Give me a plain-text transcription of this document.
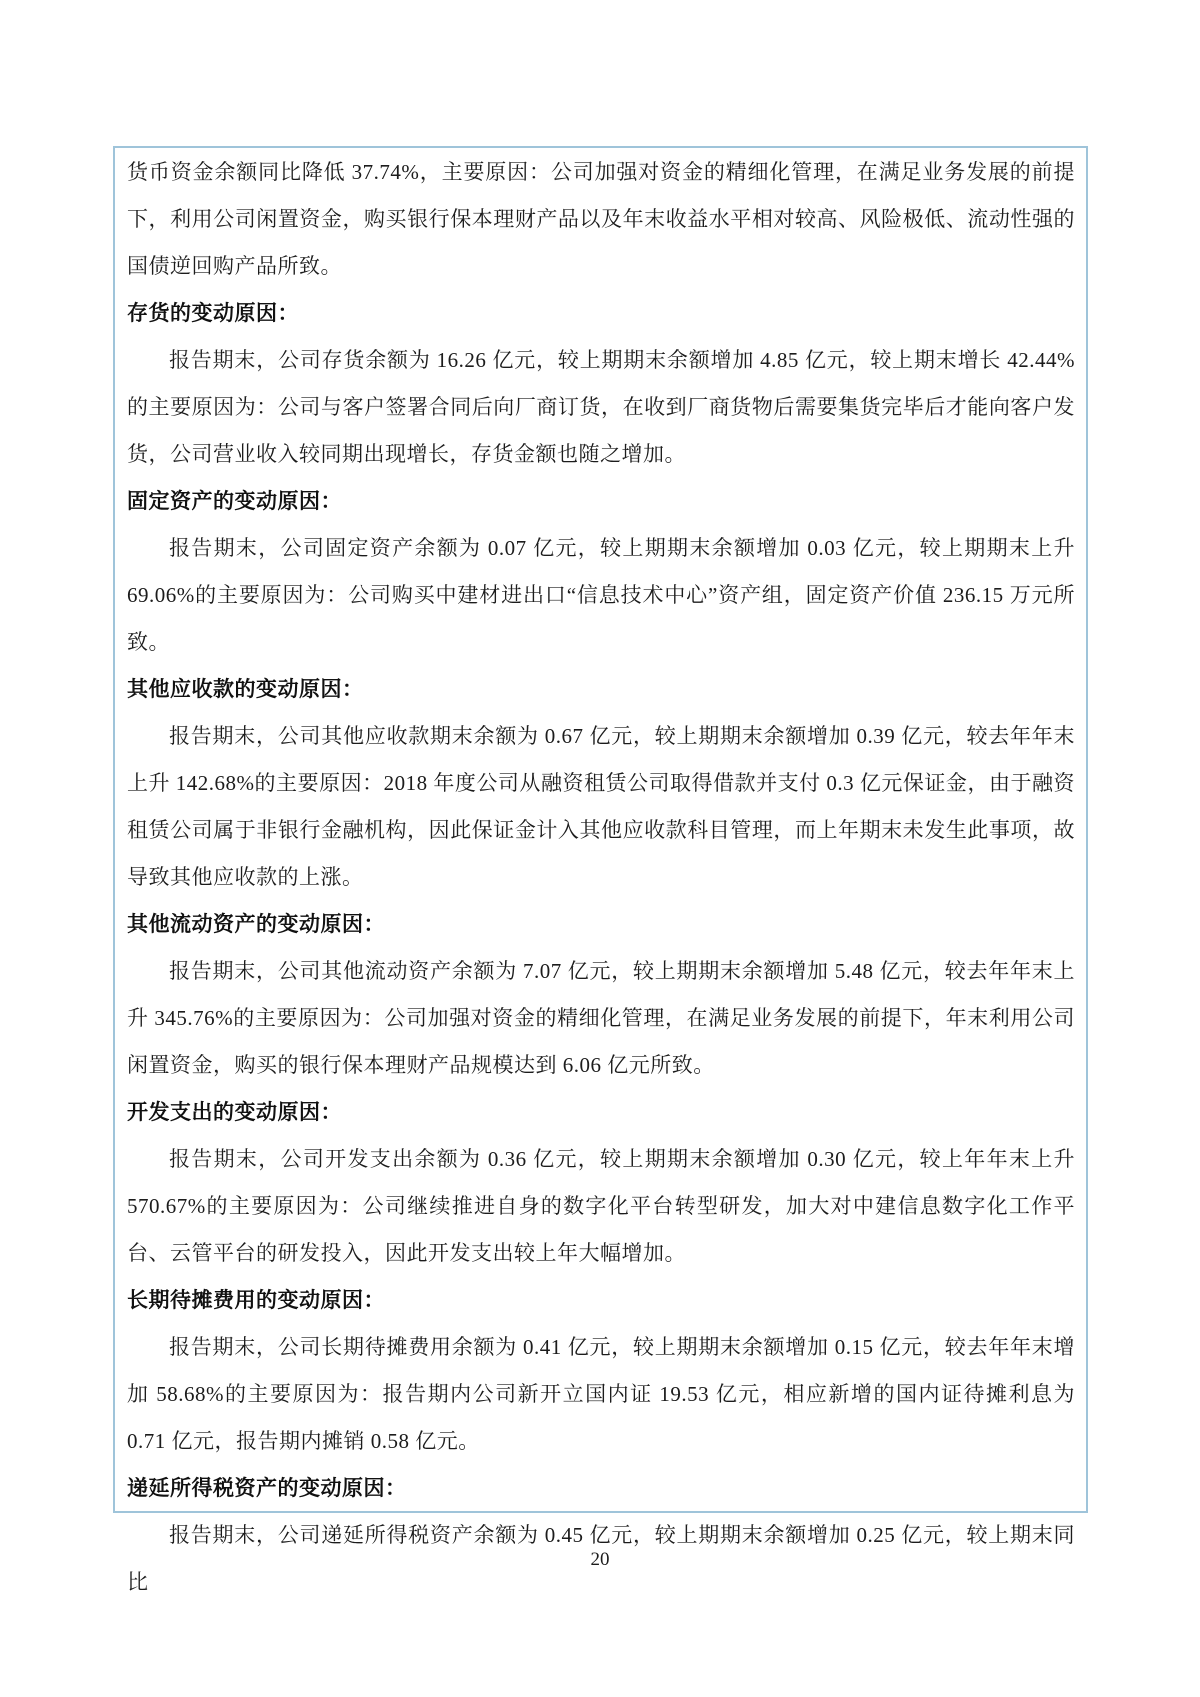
货币资金余额同比降低 37.74%，主要原因：公司加强对资金的精细化管理，在满足业务发展的前提下，利用公司闲置资金，购买银行保本理财产品以及年末收益水平相对较高、风险极低、流动性强的国债逆回购产品所致。
存货的变动原因：
报告期末，公司存货余额为 16.26 亿元，较上期期末余额增加 4.85 亿元，较上期末增长 42.44%的主要原因为：公司与客户签署合同后向厂商订货，在收到厂商货物后需要集货完毕后才能向客户发货，公司营业收入较同期出现增长，存货金额也随之增加。
固定资产的变动原因：
报告期末，公司固定资产余额为 0.07 亿元，较上期期末余额增加 0.03 亿元，较上期期末上升 69.06%的主要原因为：公司购买中建材进出口“信息技术中心”资产组，固定资产价值 236.15 万元所致。
其他应收款的变动原因：
报告期末，公司其他应收款期末余额为 0.67 亿元，较上期期末余额增加 0.39 亿元，较去年年末上升 142.68%的主要原因：2018 年度公司从融资租赁公司取得借款并支付 0.3 亿元保证金，由于融资租赁公司属于非银行金融机构，因此保证金计入其他应收款科目管理，而上年期末未发生此事项，故导致其他应收款的上涨。
其他流动资产的变动原因：
报告期末，公司其他流动资产余额为 7.07 亿元，较上期期末余额增加 5.48 亿元，较去年年末上升 345.76%的主要原因为：公司加强对资金的精细化管理，在满足业务发展的前提下，年末利用公司闲置资金，购买的银行保本理财产品规模达到 6.06 亿元所致。
开发支出的变动原因：
报告期末，公司开发支出余额为 0.36 亿元，较上期期末余额增加 0.30 亿元，较上年年末上升 570.67%的主要原因为：公司继续推进自身的数字化平台转型研发，加大对中建信息数字化工作平台、云管平台的研发投入，因此开发支出较上年大幅增加。
长期待摊费用的变动原因：
报告期末，公司长期待摊费用余额为 0.41 亿元，较上期期末余额增加 0.15 亿元，较去年年末增加 58.68%的主要原因为：报告期内公司新开立国内证 19.53 亿元，相应新增的国内证待摊利息为 0.71 亿元，报告期内摊销 0.58 亿元。
递延所得税资产的变动原因：
报告期末，公司递延所得税资产余额为 0.45 亿元，较上期期末余额增加 0.25 亿元，较上期末同比
20
